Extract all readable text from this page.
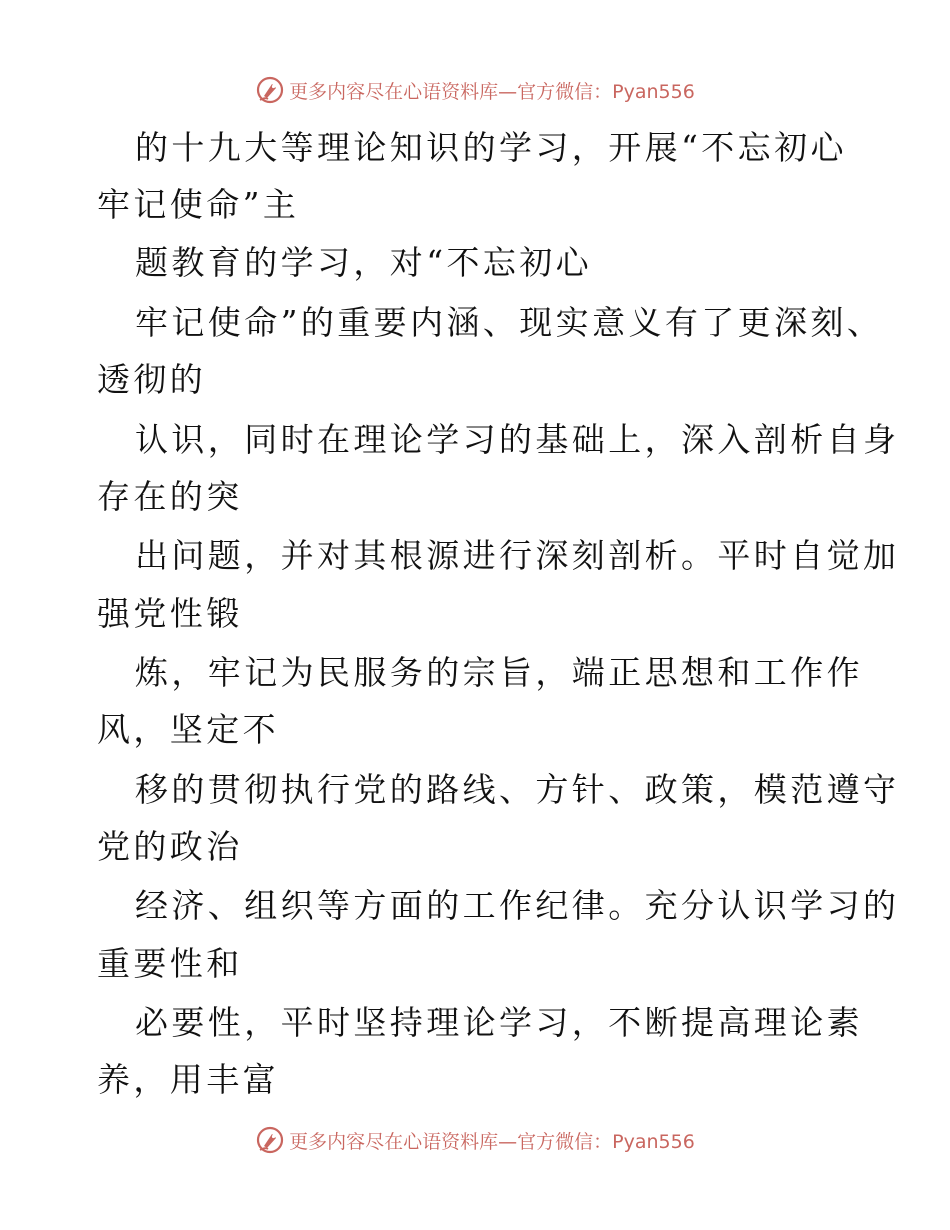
更多内容尽在心语资料库—官方微信：Pyan556
的十九大等理论知识的学习，开展“不忘初心
牢记使命”主
题教育的学习，对“不忘初心
牢记使命”的重要内涵、现实意义有了更深刻、
透彻的
认识，同时在理论学习的基础上，深入剖析自身
存在的突
出问题，并对其根源进行深刻剖析。平时自觉加
强党性锻
炼，牢记为民服务的宗旨，端正思想和工作作
风，坚定不
移的贯彻执行党的路线、方针、政策，模范遵守
党的政治
经济、组织等方面的工作纪律。充分认识学习的
重要性和
必要性，平时坚持理论学习，不断提高理论素
养，用丰富
更多内容尽在心语资料库—官方微信：Pyan556
